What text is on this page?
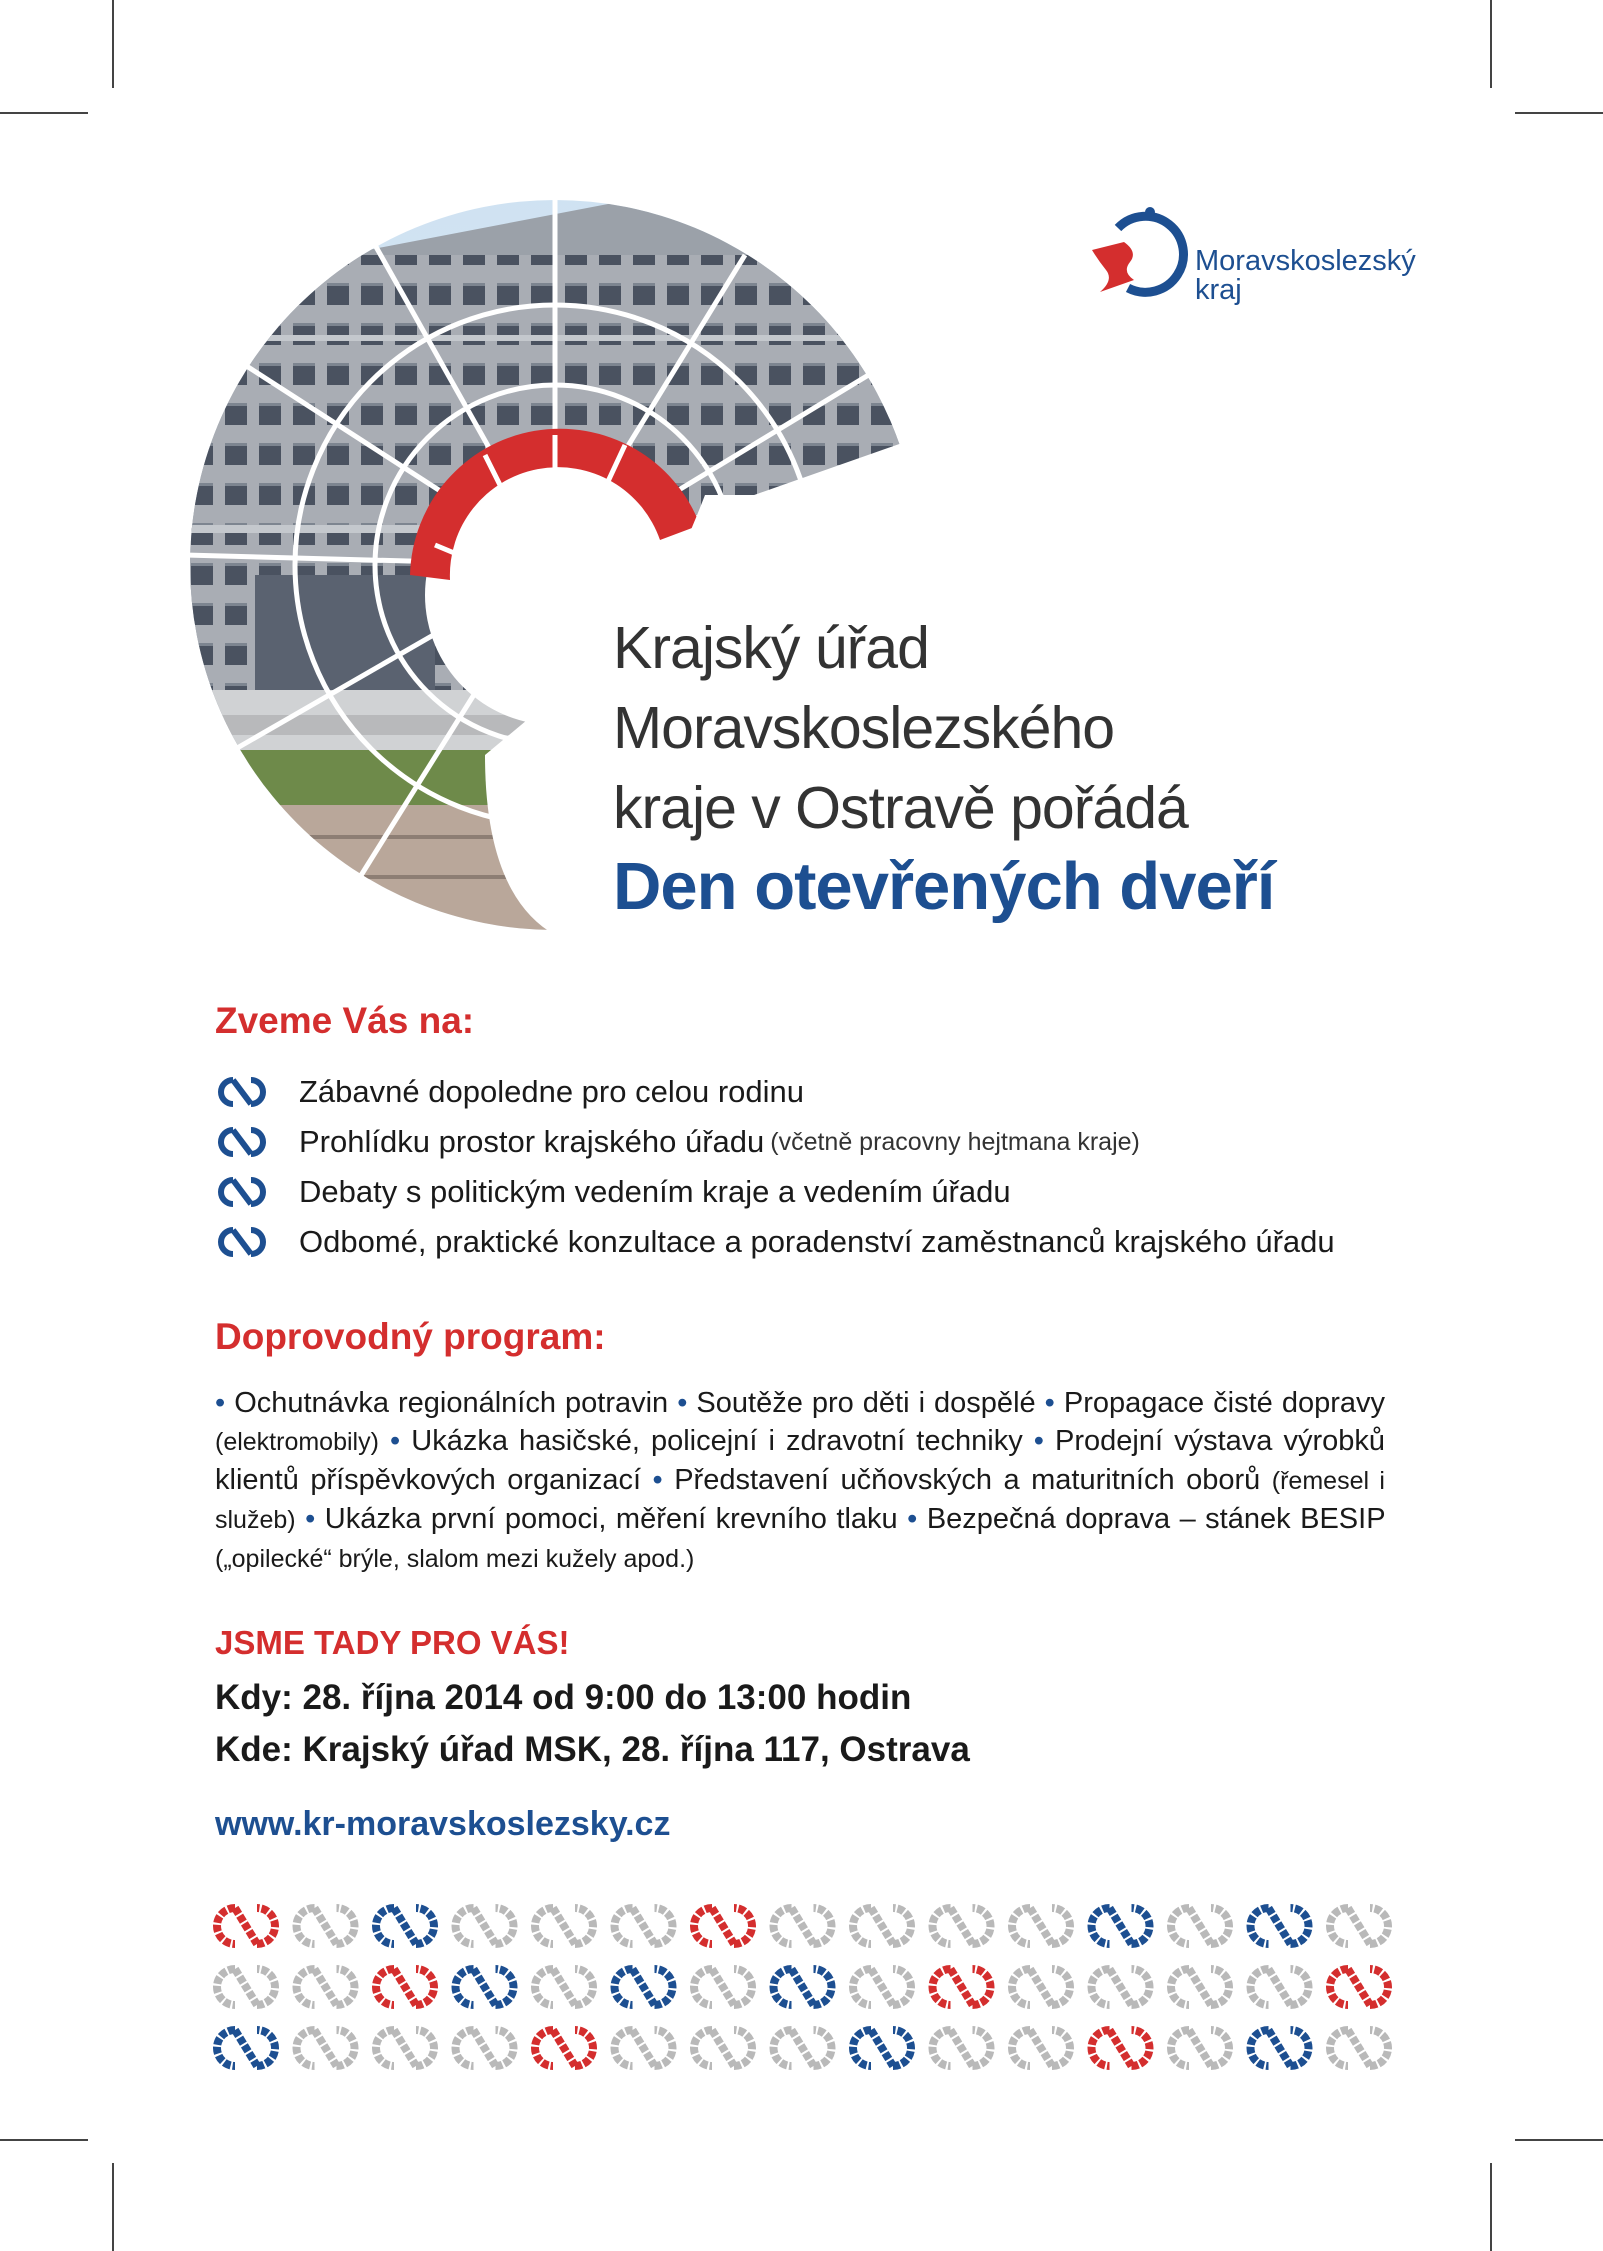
Moravskoslezský
kraj
Krajský úřad
Moravskoslezského
kraje v Ostravě pořádá
Den otevřených dveří
Zveme Vás na:
Zábavné dopoledne pro celou rodinu
Prohlídku prostor krajského úřadu (včetně pracovny hejtmana kraje)
Debaty s politickým vedením kraje a vedením úřadu
Odbomé, praktické konzultace a poradenství zaměstnanců krajského úřadu
Doprovodný program:
• Ochutnávka regionálních potravin • Soutěže pro děti i dospělé • Propagace čisté dopravy (elektromobily) • Ukázka hasičské, policejní i zdravotní techniky • Prodejní výstava výrobků klientů příspěvkových organizací • Představení učňovských a maturitních oborů (řemesel i služeb) • Ukázka první pomoci, měření krevního tlaku • Bezpečná doprava – stánek BESIP („opilecké“ brýle, slalom mezi kužely apod.)
JSME TADY PRO VÁS!
Kdy: 28. října 2014 od 9:00 do 13:00 hodin
Kde: Krajský úřad MSK, 28. října 117, Ostrava
www.kr-moravskoslezsky.cz
